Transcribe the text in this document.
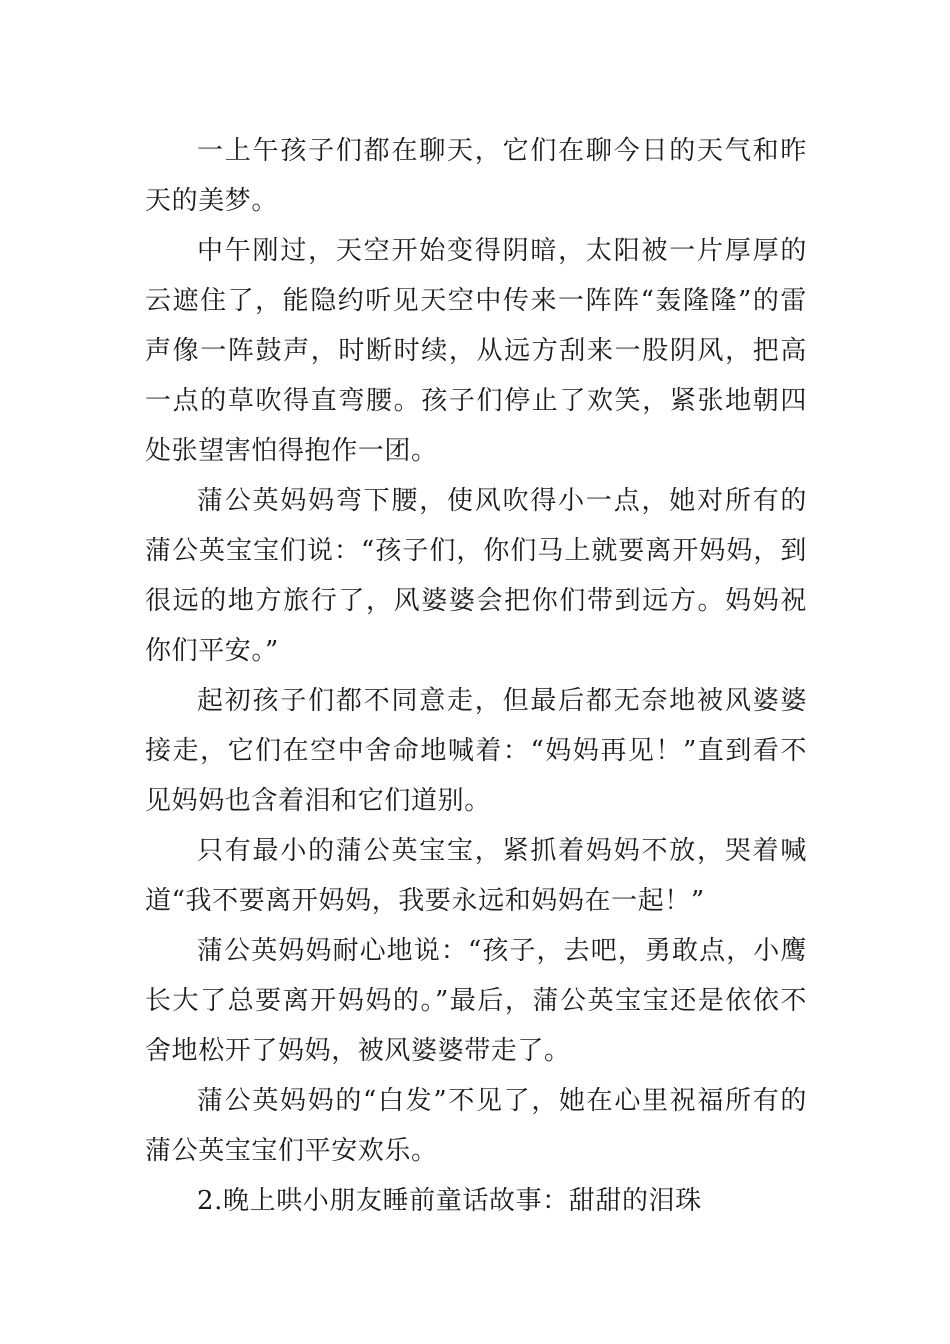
一上午孩子们都在聊天，它们在聊今日的天气和昨天的美梦。

中午刚过，天空开始变得阴暗，太阳被一片厚厚的云遮住了，能隐约听见天空中传来一阵阵“轰隆隆”的雷声像一阵鼓声，时断时续，从远方刮来一股阴风，把高一点的草吹得直弯腰。孩子们停止了欢笑，紧张地朝四处张望害怕得抱作一团。

蒲公英妈妈弯下腰，使风吹得小一点，她对所有的蒲公英宝宝们说：“孩子们，你们马上就要离开妈妈，到很远的地方旅行了，风婆婆会把你们带到远方。妈妈祝你们平安。”

起初孩子们都不同意走，但最后都无奈地被风婆婆接走，它们在空中舍命地喊着：“妈妈再见！”直到看不见妈妈也含着泪和它们道别。

只有最小的蒲公英宝宝，紧抓着妈妈不放，哭着喊道“我不要离开妈妈，我要永远和妈妈在一起！”

蒲公英妈妈耐心地说：“孩子，去吧，勇敢点，小鹰长大了总要离开妈妈的。”最后，蒲公英宝宝还是依依不舍地松开了妈妈，被风婆婆带走了。

蒲公英妈妈的“白发”不见了，她在心里祝福所有的蒲公英宝宝们平安欢乐。

2.晚上哄小朋友睡前童话故事：甜甜的泪珠
